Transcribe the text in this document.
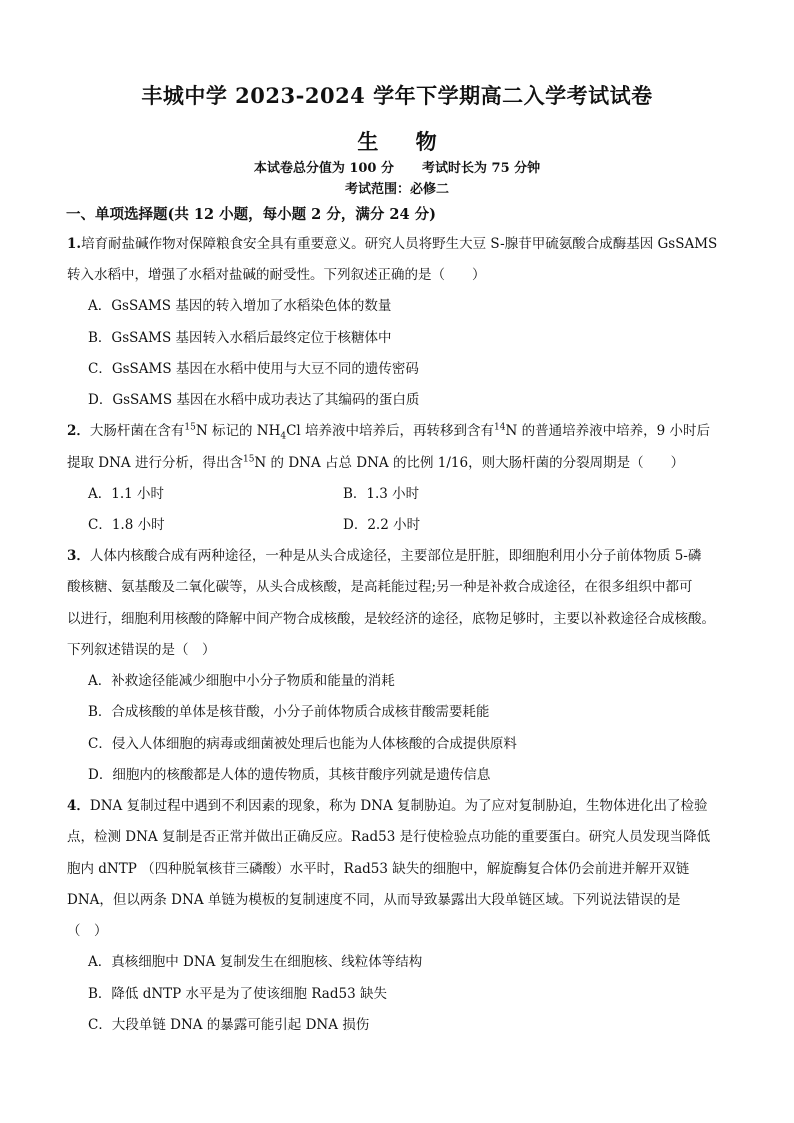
丰城中学 2023-2024 学年下学期高二入学考试试卷
生 物
本试卷总分值为 100 分 考试时长为 75 分钟
考试范围：必修二
一、单项选择题(共 12 小题，每小题 2 分，满分 24 分)
1.培育耐盐碱作物对保障粮食安全具有重要意义。研究人员将野生大豆 S-腺苷甲硫氨酸合成酶基因 GsSAMS
转入水稻中，增强了水稻对盐碱的耐受性。下列叙述正确的是（　　）
A．GsSAMS 基因的转入增加了水稻染色体的数量
B．GsSAMS 基因转入水稻后最终定位于核糖体中
C．GsSAMS 基因在水稻中使用与大豆不同的遗传密码
D．GsSAMS 基因在水稻中成功表达了其编码的蛋白质
2．大肠杆菌在含有$^{15}$N 标记的 $NH_4Cl$ 培养液中培养后，再转移到含有$^{14}$N 的普通培养液中培养，9 小时后
提取 DNA 进行分析，得出含$^{15}$N 的 DNA 占总 DNA 的比例 1/16，则大肠杆菌的分裂周期是（　　）
A．1.1 小时	B．1.3 小时
C．1.8 小时	D．2.2 小时
3．人体内核酸合成有两种途径，一种是从头合成途径，主要部位是肝脏，即细胞利用小分子前体物质 5-磷
酸核糖、氨基酸及二氧化碳等，从头合成核酸，是高耗能过程;另一种是补救合成途径，在很多组织中都可
以进行，细胞利用核酸的降解中间产物合成核酸，是较经济的途径，底物足够时，主要以补救途径合成核酸。
下列叙述错误的是（　）
A．补救途径能减少细胞中小分子物质和能量的消耗
B．合成核酸的单体是核苷酸，小分子前体物质合成核苷酸需要耗能
C．侵入人体细胞的病毒或细菌被处理后也能为人体核酸的合成提供原料
D．细胞内的核酸都是人体的遗传物质，其核苷酸序列就是遗传信息
4．DNA 复制过程中遇到不利因素的现象，称为 DNA 复制胁迫。为了应对复制胁迫，生物体进化出了检验
点，检测 DNA 复制是否正常并做出正确反应。Rad53 是行使检验点功能的重要蛋白。研究人员发现当降低
胞内 dNTP （四种脱氧核苷三磷酸）水平时，Rad53 缺失的细胞中，解旋酶复合体仍会前进并解开双链
DNA，但以两条 DNA 单链为模板的复制速度不同，从而导致暴露出大段单链区域。下列说法错误的是
（　）
A．真核细胞中 DNA 复制发生在细胞核、线粒体等结构
B．降低 dNTP 水平是为了使该细胞 Rad53 缺失
C．大段单链 DNA 的暴露可能引起 DNA 损伤
